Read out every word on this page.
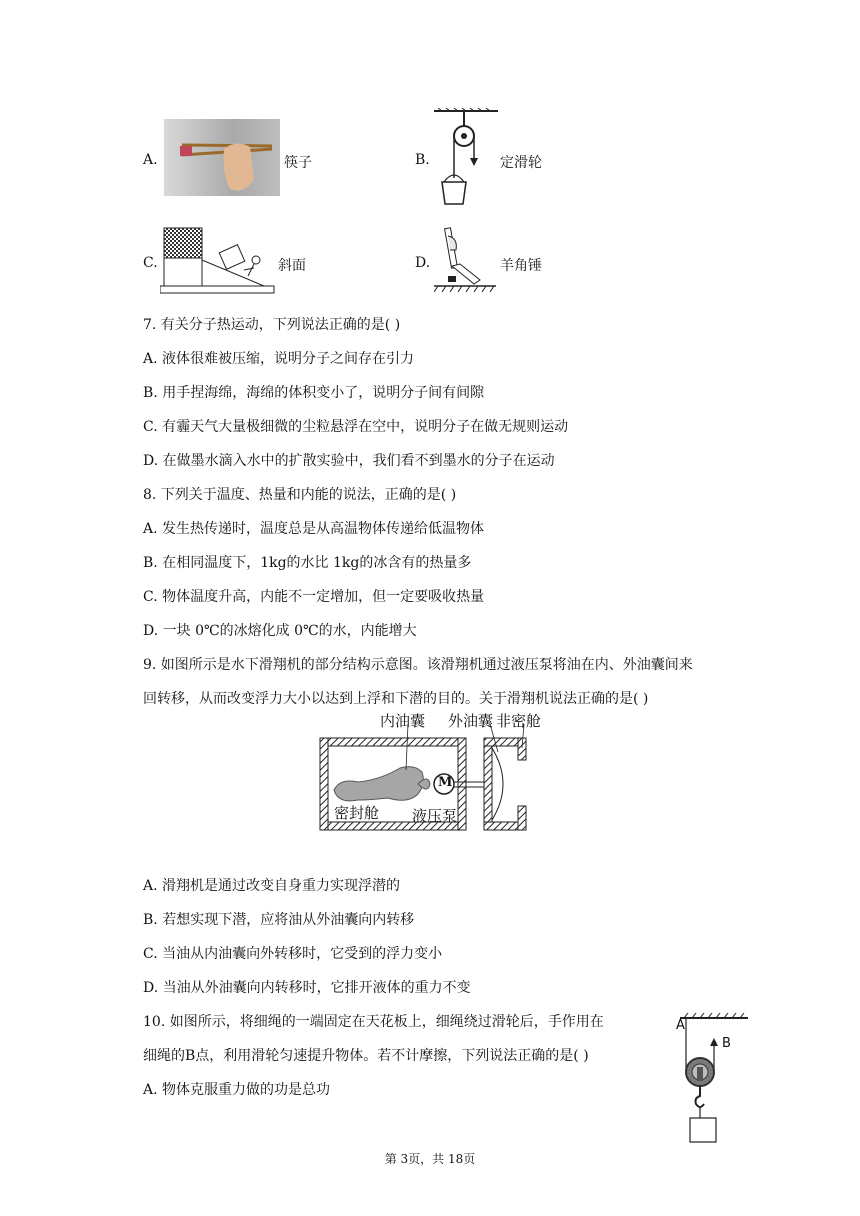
A.	筷子	B.	定滑轮
C.	斜面	D.	羊角锤
7. 有关分子热运动，下列说法正确的是( )
A. 液体很难被压缩，说明分子之间存在引力
B. 用手捏海绵，海绵的体积变小了，说明分子间有间隙
C. 有霾天气大量极细微的尘粒悬浮在空中，说明分子在做无规则运动
D. 在做墨水滴入水中的扩散实验中，我们看不到墨水的分子在运动
8. 下列关于温度、热量和内能的说法，正确的是( )
A. 发生热传递时，温度总是从高温物体传递给低温物体
B. 在相同温度下，1kg的水比 1kg的冰含有的热量多
C. 物体温度升高，内能不一定增加，但一定要吸收热量
D. 一块 0℃的冰熔化成 0℃的水，内能增大
9. 如图所示是水下滑翔机的部分结构示意图。该滑翔机通过液压泵将油在内、外油囊间来
回转移，从而改变浮力大小以达到上浮和下潜的目的。关于滑翔机说法正确的是( )
内油囊 外油囊 非密舱
密封舱 液压泵
M
A. 滑翔机是通过改变自身重力实现浮潜的
B. 若想实现下潜，应将油从外油囊向内转移
C. 当油从内油囊向外转移时，它受到的浮力变小
D. 当油从外油囊向内转移时，它排开液体的重力不变
10. 如图所示，将细绳的一端固定在天花板上，细绳绕过滑轮后，手作用在
细绳的B点，利用滑轮匀速提升物体。若不计摩擦，下列说法正确的是( )
A. 物体克服重力做的功是总功
A
B
第 3页，共 18页
